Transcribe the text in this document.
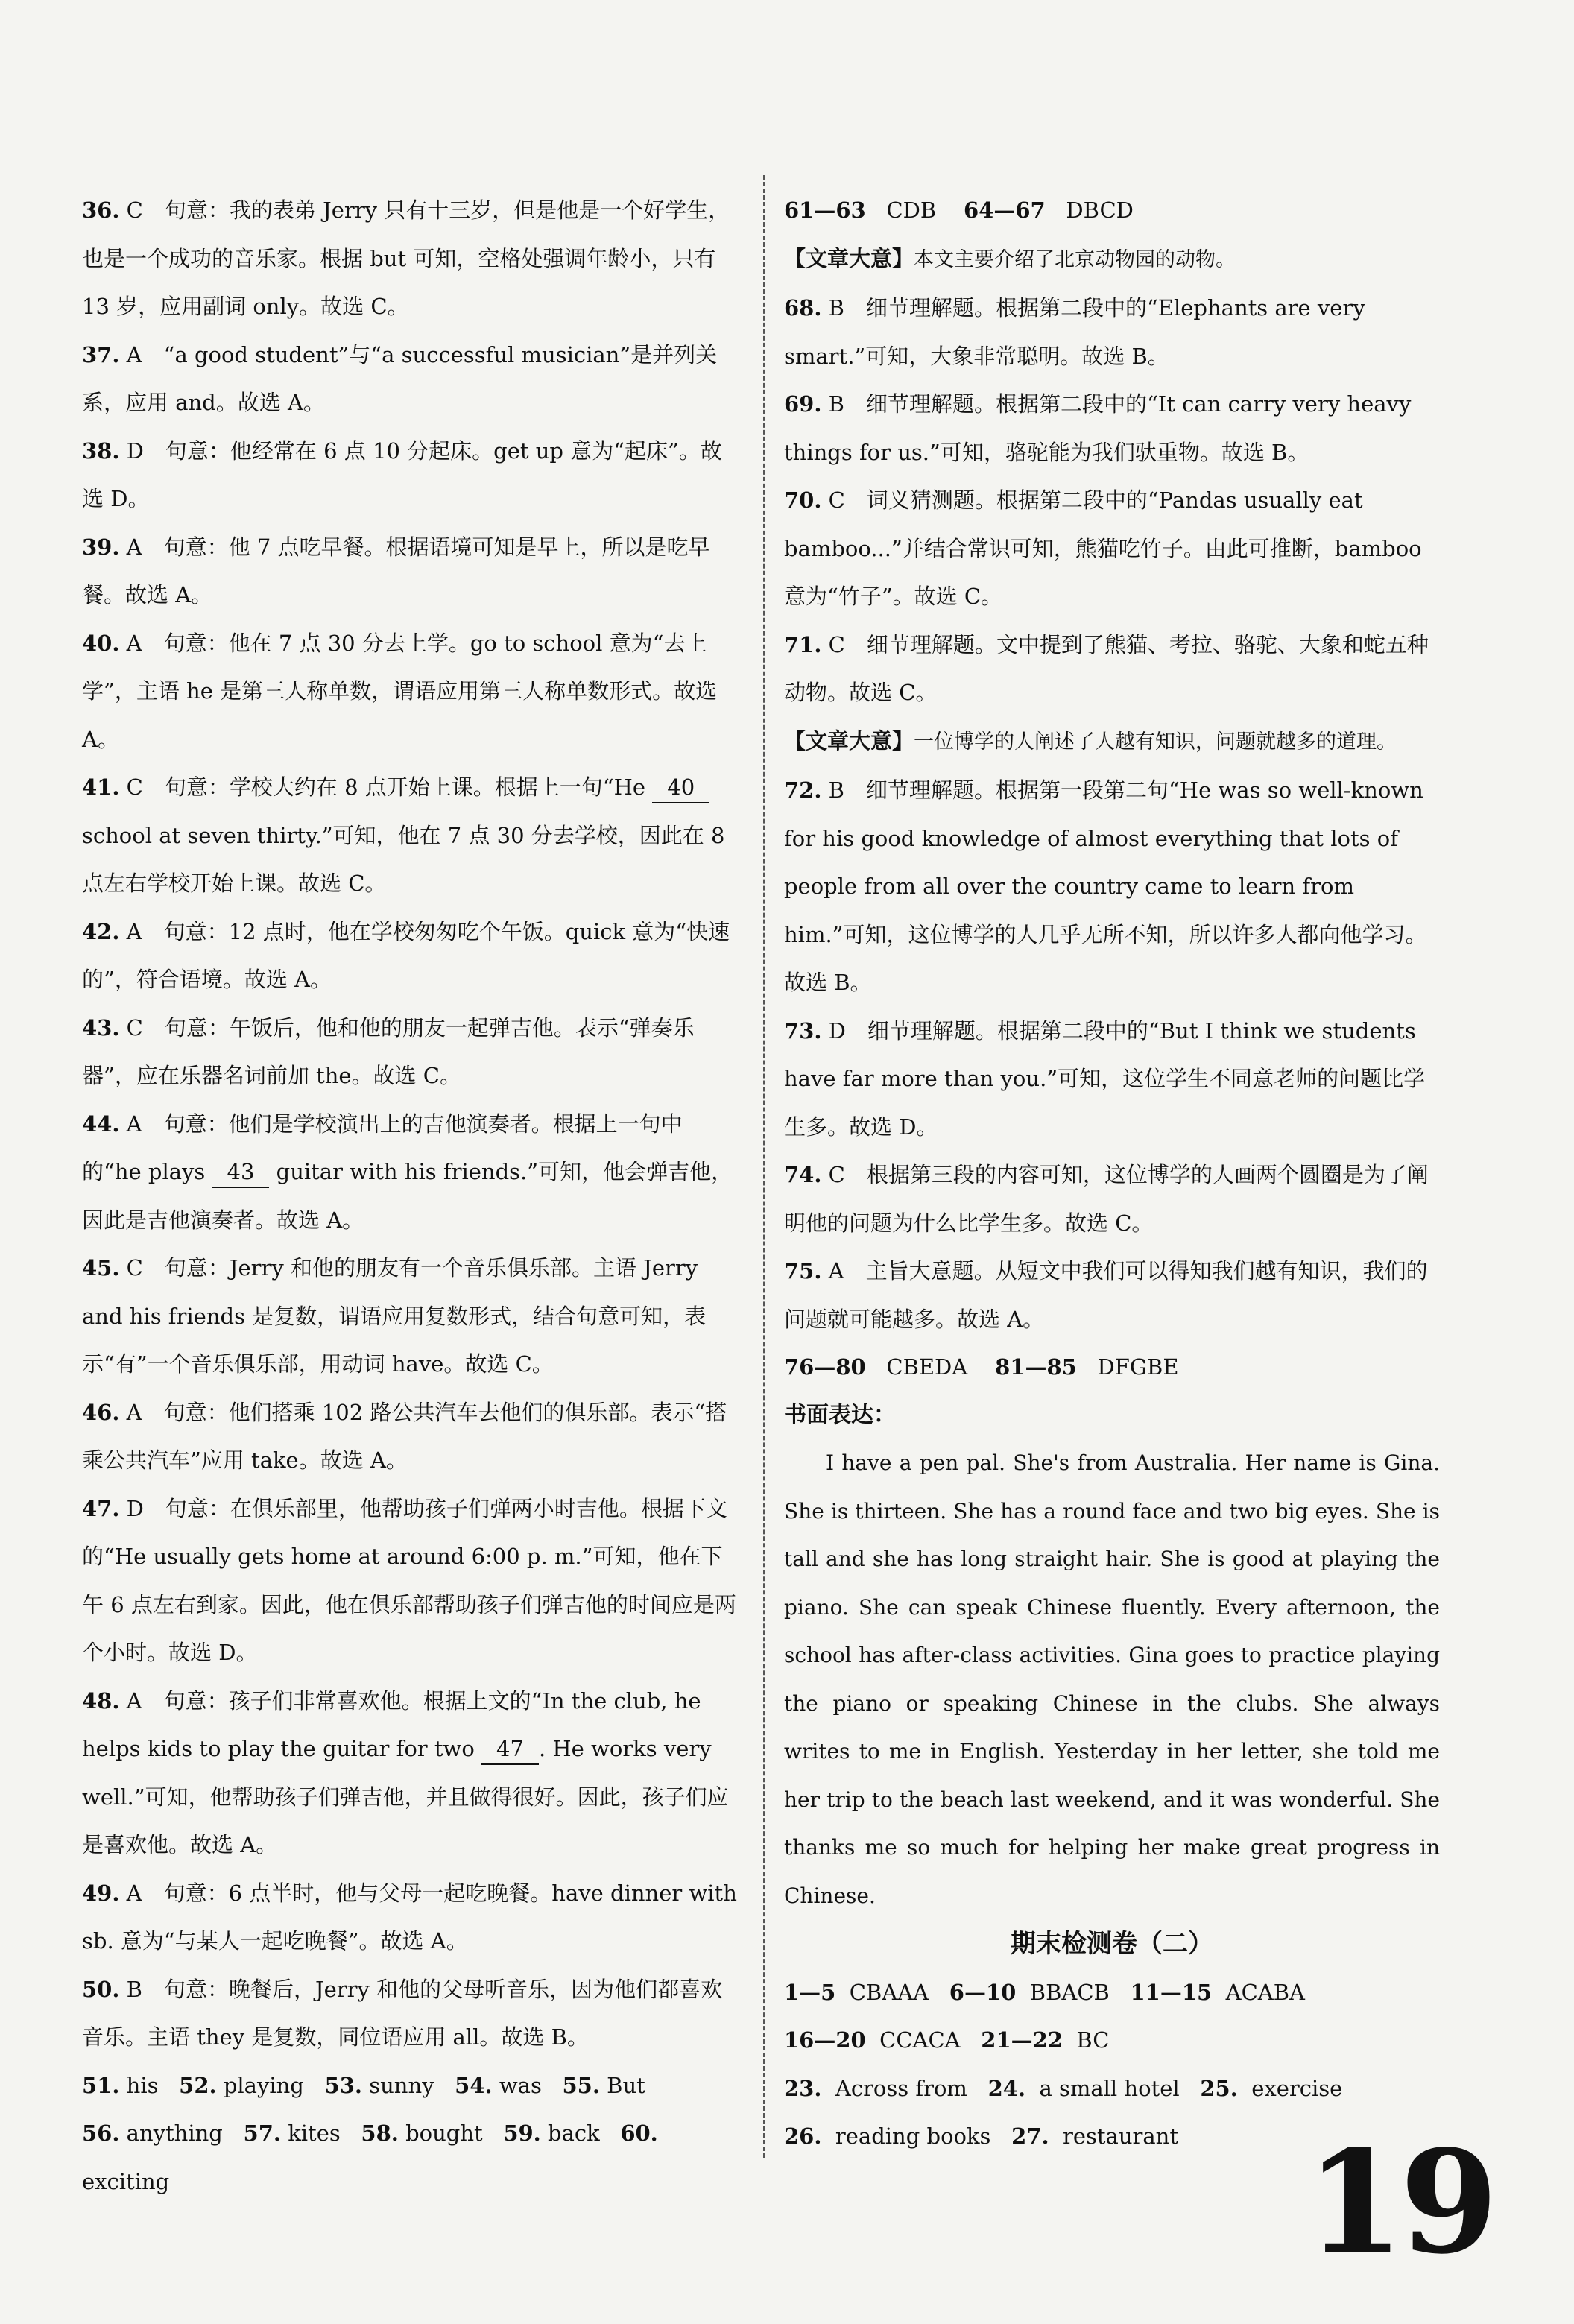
36. C　句意：我的表弟 Jerry 只有十三岁，但是他是一个好学生，也是一个成功的音乐家。根据 but 可知，空格处强调年龄小，只有 13 岁，应用副词 only。故选 C。
37. A　“a good student”与“a successful musician”是并列关系，应用 and。故选 A。
38. D　句意：他经常在 6 点 10 分起床。get up 意为“起床”。故选 D。
39. A　句意：他 7 点吃早餐。根据语境可知是早上，所以是吃早餐。故选 A。
40. A　句意：他在 7 点 30 分去上学。go to school 意为“去上学”，主语 he 是第三人称单数，谓语应用第三人称单数形式。故选 A。
41. C　句意：学校大约在 8 点开始上课。根据上一句“He 40 school at seven thirty.”可知，他在 7 点 30 分去学校，因此在 8 点左右学校开始上课。故选 C。
42. A　句意：12 点时，他在学校匆匆吃个午饭。quick 意为“快速的”，符合语境。故选 A。
43. C　句意：午饭后，他和他的朋友一起弹吉他。表示“弹奏乐器”，应在乐器名词前加 the。故选 C。
44. A　句意：他们是学校演出上的吉他演奏者。根据上一句中的“he plays 43 guitar with his friends.”可知，他会弹吉他，因此是吉他演奏者。故选 A。
45. C　句意：Jerry 和他的朋友有一个音乐俱乐部。主语 Jerry and his friends 是复数，谓语应用复数形式，结合句意可知，表示“有”一个音乐俱乐部，用动词 have。故选 C。
46. A　句意：他们搭乘 102 路公共汽车去他们的俱乐部。表示“搭乘公共汽车”应用 take。故选 A。
47. D　句意：在俱乐部里，他帮助孩子们弹两小时吉他。根据下文的“He usually gets home at around 6:00 p. m.”可知，他在下午 6 点左右到家。因此，他在俱乐部帮助孩子们弹吉他的时间应是两个小时。故选 D。
48. A　句意：孩子们非常喜欢他。根据上文的“In the club, he helps kids to play the guitar for two 47 . He works very well.”可知，他帮助孩子们弹吉他，并且做得很好。因此，孩子们应是喜欢他。故选 A。
49. A　句意：6 点半时，他与父母一起吃晚餐。have dinner with sb. 意为“与某人一起吃晚餐”。故选 A。
50. B　句意：晚餐后，Jerry 和他的父母听音乐，因为他们都喜欢音乐。主语 they 是复数，同位语应用 all。故选 B。
51. his   52. playing   53. sunny   54. was   55. But
56. anything   57. kites   58. bought   59. back   60. exciting
61—63 CDB 64—67 DBCD
【文章大意】本文主要介绍了北京动物园的动物。
68. B　细节理解题。根据第二段中的“Elephants are very smart.”可知，大象非常聪明。故选 B。
69. B　细节理解题。根据第二段中的“It can carry very heavy things for us.”可知，骆驼能为我们驮重物。故选 B。
70. C　词义猜测题。根据第二段中的“Pandas usually eat bamboo...”并结合常识可知，熊猫吃竹子。由此可推断，bamboo 意为“竹子”。故选 C。
71. C　细节理解题。文中提到了熊猫、考拉、骆驼、大象和蛇五种动物。故选 C。
【文章大意】一位博学的人阐述了人越有知识，问题就越多的道理。
72. B　细节理解题。根据第一段第二句“He was so well-known for his good knowledge of almost everything that lots of people from all over the country came to learn from him.”可知，这位博学的人几乎无所不知，所以许多人都向他学习。故选 B。
73. D　细节理解题。根据第二段中的“But I think we students have far more than you.”可知，这位学生不同意老师的问题比学生多。故选 D。
74. C　根据第三段的内容可知，这位博学的人画两个圆圈是为了阐明他的问题为什么比学生多。故选 C。
75. A　主旨大意题。从短文中我们可以得知我们越有知识，我们的问题就可能越多。故选 A。
76—80 CBEDA 81—85 DFGBE
书面表达：
I have a pen pal. She's from Australia. Her name is Gina. She is thirteen. She has a round face and two big eyes. She is tall and she has long straight hair. She is good at playing the piano. She can speak Chinese fluently. Every afternoon, the school has after-class activities. Gina goes to practice playing the piano or speaking Chinese in the clubs. She always writes to me in English. Yesterday in her letter, she told me her trip to the beach last weekend, and it was wonderful. She thanks me so much for helping her make great progress in Chinese.
期末检测卷（二）
1—5  CBAAA   6—10  BBACB   11—15  ACABA
16—20  CCACA   21—22  BC
23.  Across from   24.  a small hotel   25.  exercise
26.  reading books   27.  restaurant 19
